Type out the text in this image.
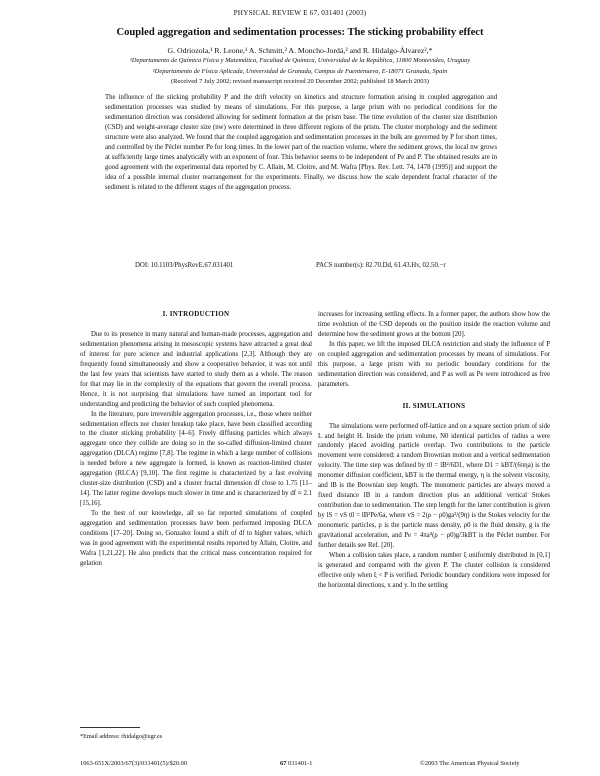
PHYSICAL REVIEW E 67, 031401 (2003)
Coupled aggregation and sedimentation processes: The sticking probability effect
G. Odriozola,¹ R. Leone,¹ A. Schmitt,² A. Moncho-Jordá,² and R. Hidalgo-Álvarez²,*
¹Departamento de Química Física y Matemática, Facultad de Química, Universidad de la República, 11800 Montevideo, Uruguay
²Departamento de Física Aplicada, Universidad de Granada, Campus de Fuentenueva, E-18071 Granada, Spain
(Received 7 July 2002; revised manuscript received 20 December 2002; published 18 March 2003)
The influence of the sticking probability P and the drift velocity on kinetics and structure formation arising in coupled aggregation and sedimentation processes was studied by means of simulations. For this purpose, a large prism with no periodical conditions for the sedimentation direction was considered allowing for sediment formation at the prism base. The time evolution of the cluster size distribution (CSD) and weight-average cluster size (nw) were determined in three different regions of the prism. The cluster morphology and the sediment structure were also analyzed. We found that the coupled aggregation and sedimentation processes in the bulk are governed by P for short times, and controlled by the Péclet number Pe for long times. In the lower part of the reaction volume, where the sediment grows, the local nw grows at sufficiently large times analytically with an exponent of four. This behavior seems to be independent of Pe and P. The obtained results are in good agreement with the experimental data reported by C. Allain, M. Cloitre, and M. Wafra [Phys. Rev. Lett. 74, 1478 (1995)] and support the idea of a possible internal cluster rearrangement for the experiments. Finally, we discuss how the scale dependent fractal character of the sediment is related to the different stages of the aggregation process.
DOI: 10.1103/PhysRevE.67.031401	PACS number(s): 82.70.Dd, 61.43.Hv, 02.50.−r
I. INTRODUCTION

Due to its presence in many natural and human-made processes, aggregation and sedimentation phenomena arising in mesoscopic systems have attracted a great deal of interest for pure science and industrial applications [2,3]. Although they are frequently found simultaneously and show a cooperative behavior, it was not until the last few years that scientists have started to study them as a whole. The reason for that may lie in the complexity of the equations that govern the overall process. Hence, it is not surprising that simulations have turned an important tool for understanding and predicting the behavior of such coupled phenomena.

In the literature, pure irreversible aggregation processes, i.e., those where neither sedimentation effects nor cluster breakup take place, have been classified according to the cluster sticking probability [4–6]. Freely diffusing particles which always aggregate once they collide are doing so in the so-called diffusion-limited cluster aggregation (DLCA) regime [7,8]. The regime in which a large number of collisions is needed before a new aggregate is formed, is known as reaction-limited cluster aggregation (RLCA) [9,10]. The first regime is characterized by a fast evolving cluster-size distribution (CSD) and a cluster fractal dimension df close to 1.75 [11–14]. The latter regime develops much slower in time and is characterized by df ≈ 2.1 [15,16].

To the best of our knowledge, all so far reported simulations of coupled aggregation and sedimentation processes have been performed imposing DLCA conditions [17–20]. Doing so, Gonzalez found a shift of df to higher values, which was in good agreement with the experimental results reported by Allain, Cloitre, and Wafra [1,21,22]. He also predicts that the critical mass concentration required for gelation

increases for increasing settling effects. In a former paper, the authors show how the time evolution of the CSD depends on the position inside the reaction volume and determine how the sediment grows at the bottom [20].

In this paper, we lift the imposed DLCA restriction and study the influence of P on coupled aggregation and sedimentation processes by means of simulations. For this purpose, a large prism with no periodic boundary conditions for the sedimentation direction was considered, and P as well as Pe were introduced as free parameters.

II. SIMULATIONS

The simulations were performed off-lattice and on a square section prism of side L and height H. Inside the prism volume, N0 identical particles of radius a were randomly placed avoiding particle overlap. Two contributions to the particle movement were considered: a random Brownian motion and a vertical sedimentation velocity. The time step was defined by t0 = lB²/6D1, where D1 = kBT/(6πηa) is the monomer diffusion coefficient, kBT is the thermal energy, η is the solvent viscosity, and lB is the Brownian step length. The monomeric particles are always moved a fixed distance lB in a random direction plus an additional vertical Stokes contribution due to sedimentation. The step length for the latter contribution is given by lS = vS t0 = lB²Pe/6a, where vS = 2(ρ − ρ0)ga²/(9η) is the Stokes velocity for the monomeric particles, ρ is the particle mass density, ρ0 is the fluid density, g is the gravitational acceleration, and Pe = 4πa⁴(ρ − ρ0)g/3kBT is the Péclet number. For further details see Ref. [20].

When a collision takes place, a random number ξ uniformly distributed in [0,1] is generated and compared with the given P. The cluster collision is considered effective only when ξ < P is verified. Periodic boundary conditions were imposed for the horizontal directions, x and y. In the settling

*Email address: rhidalgo@ugr.es
1063-651X/2003/67(3)/031401(5)/$20.00	67 031401-1	©2003 The American Physical Society
